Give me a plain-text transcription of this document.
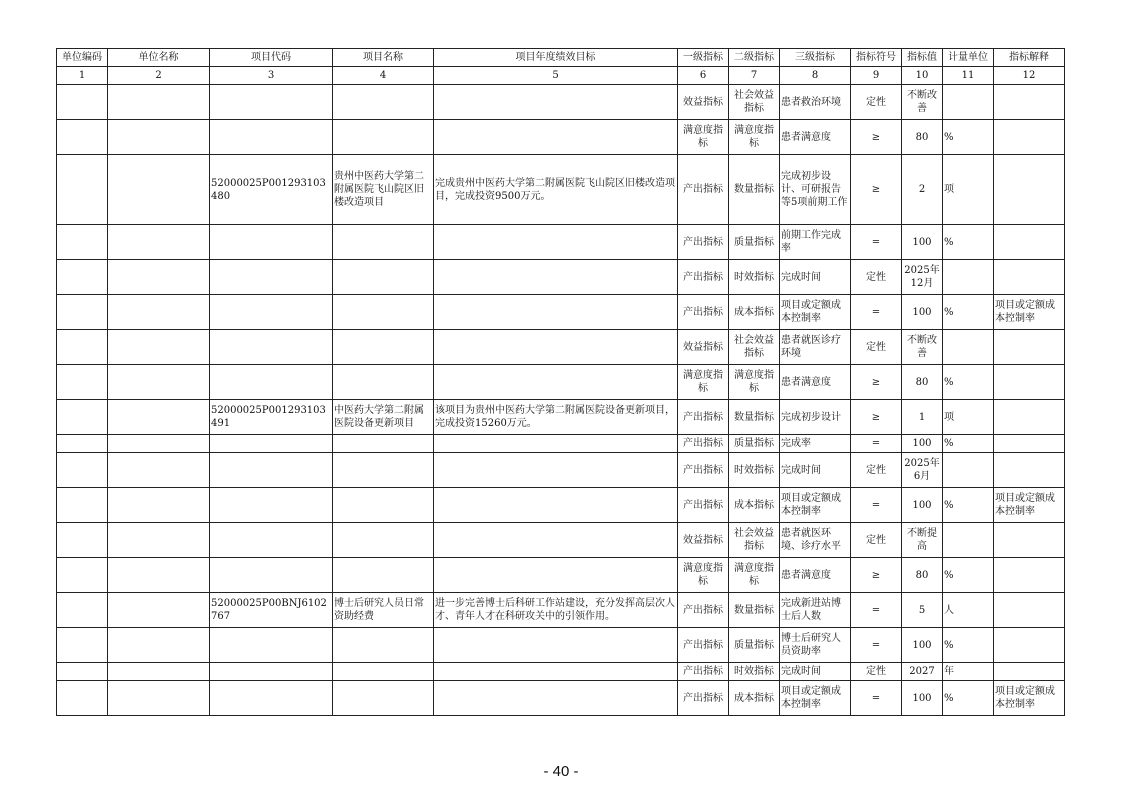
单位编码	单位名称	项目代码	项目名称	项目年度绩效目标	一级指标	二级指标	三级指标	指标符号	指标值	计量单位	指标解释
1	2	3	4	5	6	7	8	9	10	11	12
					效益指标	社会效益指标	患者救治环境	定性	不断改善		
					满意度指标	满意度指标	患者满意度	≥	80	%	
		52000025P001293103480	贵州中医药大学第二附属医院飞山院区旧楼改造项目	完成贵州中医药大学第二附属医院飞山院区旧楼改造项目，完成投资9500万元。	产出指标	数量指标	完成初步设计、可研报告等5项前期工作	≥	2	项	
					产出指标	质量指标	前期工作完成率	=	100	%	
					产出指标	时效指标	完成时间	定性	2025年12月		
					产出指标	成本指标	项目或定额成本控制率	=	100	%	项目或定额成本控制率
					效益指标	社会效益指标	患者就医诊疗环境	定性	不断改善		
					满意度指标	满意度指标	患者满意度	≥	80	%	
		52000025P001293103491	中医药大学第二附属医院设备更新项目	该项目为贵州中医药大学第二附属医院设备更新项目，完成投资15260万元。	产出指标	数量指标	完成初步设计	≥	1	项	
					产出指标	质量指标	完成率	=	100	%	
					产出指标	时效指标	完成时间	定性	2025年6月		
					产出指标	成本指标	项目或定额成本控制率	=	100	%	项目或定额成本控制率
					效益指标	社会效益指标	患者就医环境、诊疗水平	定性	不断提高		
					满意度指标	满意度指标	患者满意度	≥	80	%	
		52000025P00BNJ6102767	博士后研究人员日常资助经费	进一步完善博士后科研工作站建设，充分发挥高层次人才、青年人才在科研攻关中的引领作用。	产出指标	数量指标	完成新进站博士后人数	=	5	人	
					产出指标	质量指标	博士后研究人员资助率	=	100	%	
					产出指标	时效指标	完成时间	定性	2027	年	
					产出指标	成本指标	项目或定额成本控制率	=	100	%	项目或定额成本控制率
- 40 -
